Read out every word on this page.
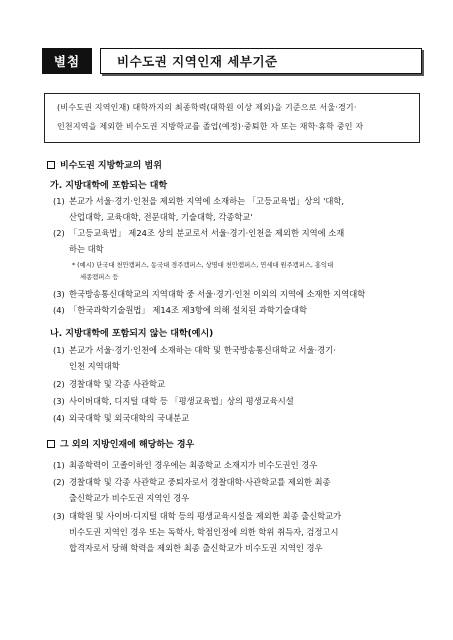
별첨	비수도권 지역인재 세부기준
(비수도권 지역인재) 대학까지의 최종학력(대학원 이상 제외)을 기준으로 서울·경기·
인천지역을 제외한 비수도권 지방학교를 졸업(예정)·중퇴한 자 또는 재학·휴학 중인 자
비수도권 지방학교의 범위
가. 지방대학에 포함되는 대학
(1) 본교가 서울·경기·인천을 제외한 지역에 소재하는 「고등교육법」상의 '대학,
산업대학, 교육대학, 전문대학, 기술대학, 각종학교'
(2) 「고등교육법」 제24조 상의 분교로서 서울·경기·인천을 제외한 지역에 소재
하는 대학
* (예시) 단국대 천안캠퍼스, 동국대 경주캠퍼스, 상명대 천안캠퍼스, 연세대 원주캠퍼스, 홍익대
세종캠퍼스 등
(3) 한국방송통신대학교의 지역대학 중 서울·경기·인천 이외의 지역에 소재한 지역대학
(4) 「한국과학기술원법」 제14조 제3항에 의해 설치된 과학기술대학
나. 지방대학에 포함되지 않는 대학(예시)
(1) 본교가 서울·경기·인천에 소재하는 대학 및 한국방송통신대학교 서울·경기·
인천 지역대학
(2) 경찰대학 및 각종 사관학교
(3) 사이버대학, 디지털 대학 등 「평생교육법」상의 평생교육시설
(4) 외국대학 및 외국대학의 국내분교
그 외의 지방인재에 해당하는 경우
(1) 최종학력이 고졸이하인 경우에는 최종학교 소재지가 비수도권인 경우
(2) 경찰대학 및 각종 사관학교 중퇴자로서 경찰대학·사관학교를 제외한 최종
출신학교가 비수도권 지역인 경우
(3) 대학원 및 사이버·디지털 대학 등의 평생교육시설을 제외한 최종 출신학교가
비수도권 지역인 경우 또는 독학사, 학점인정에 의한 학위 취득자, 검정고시
합격자로서 당해 학력을 제외한 최종 출신학교가 비수도권 지역인 경우
